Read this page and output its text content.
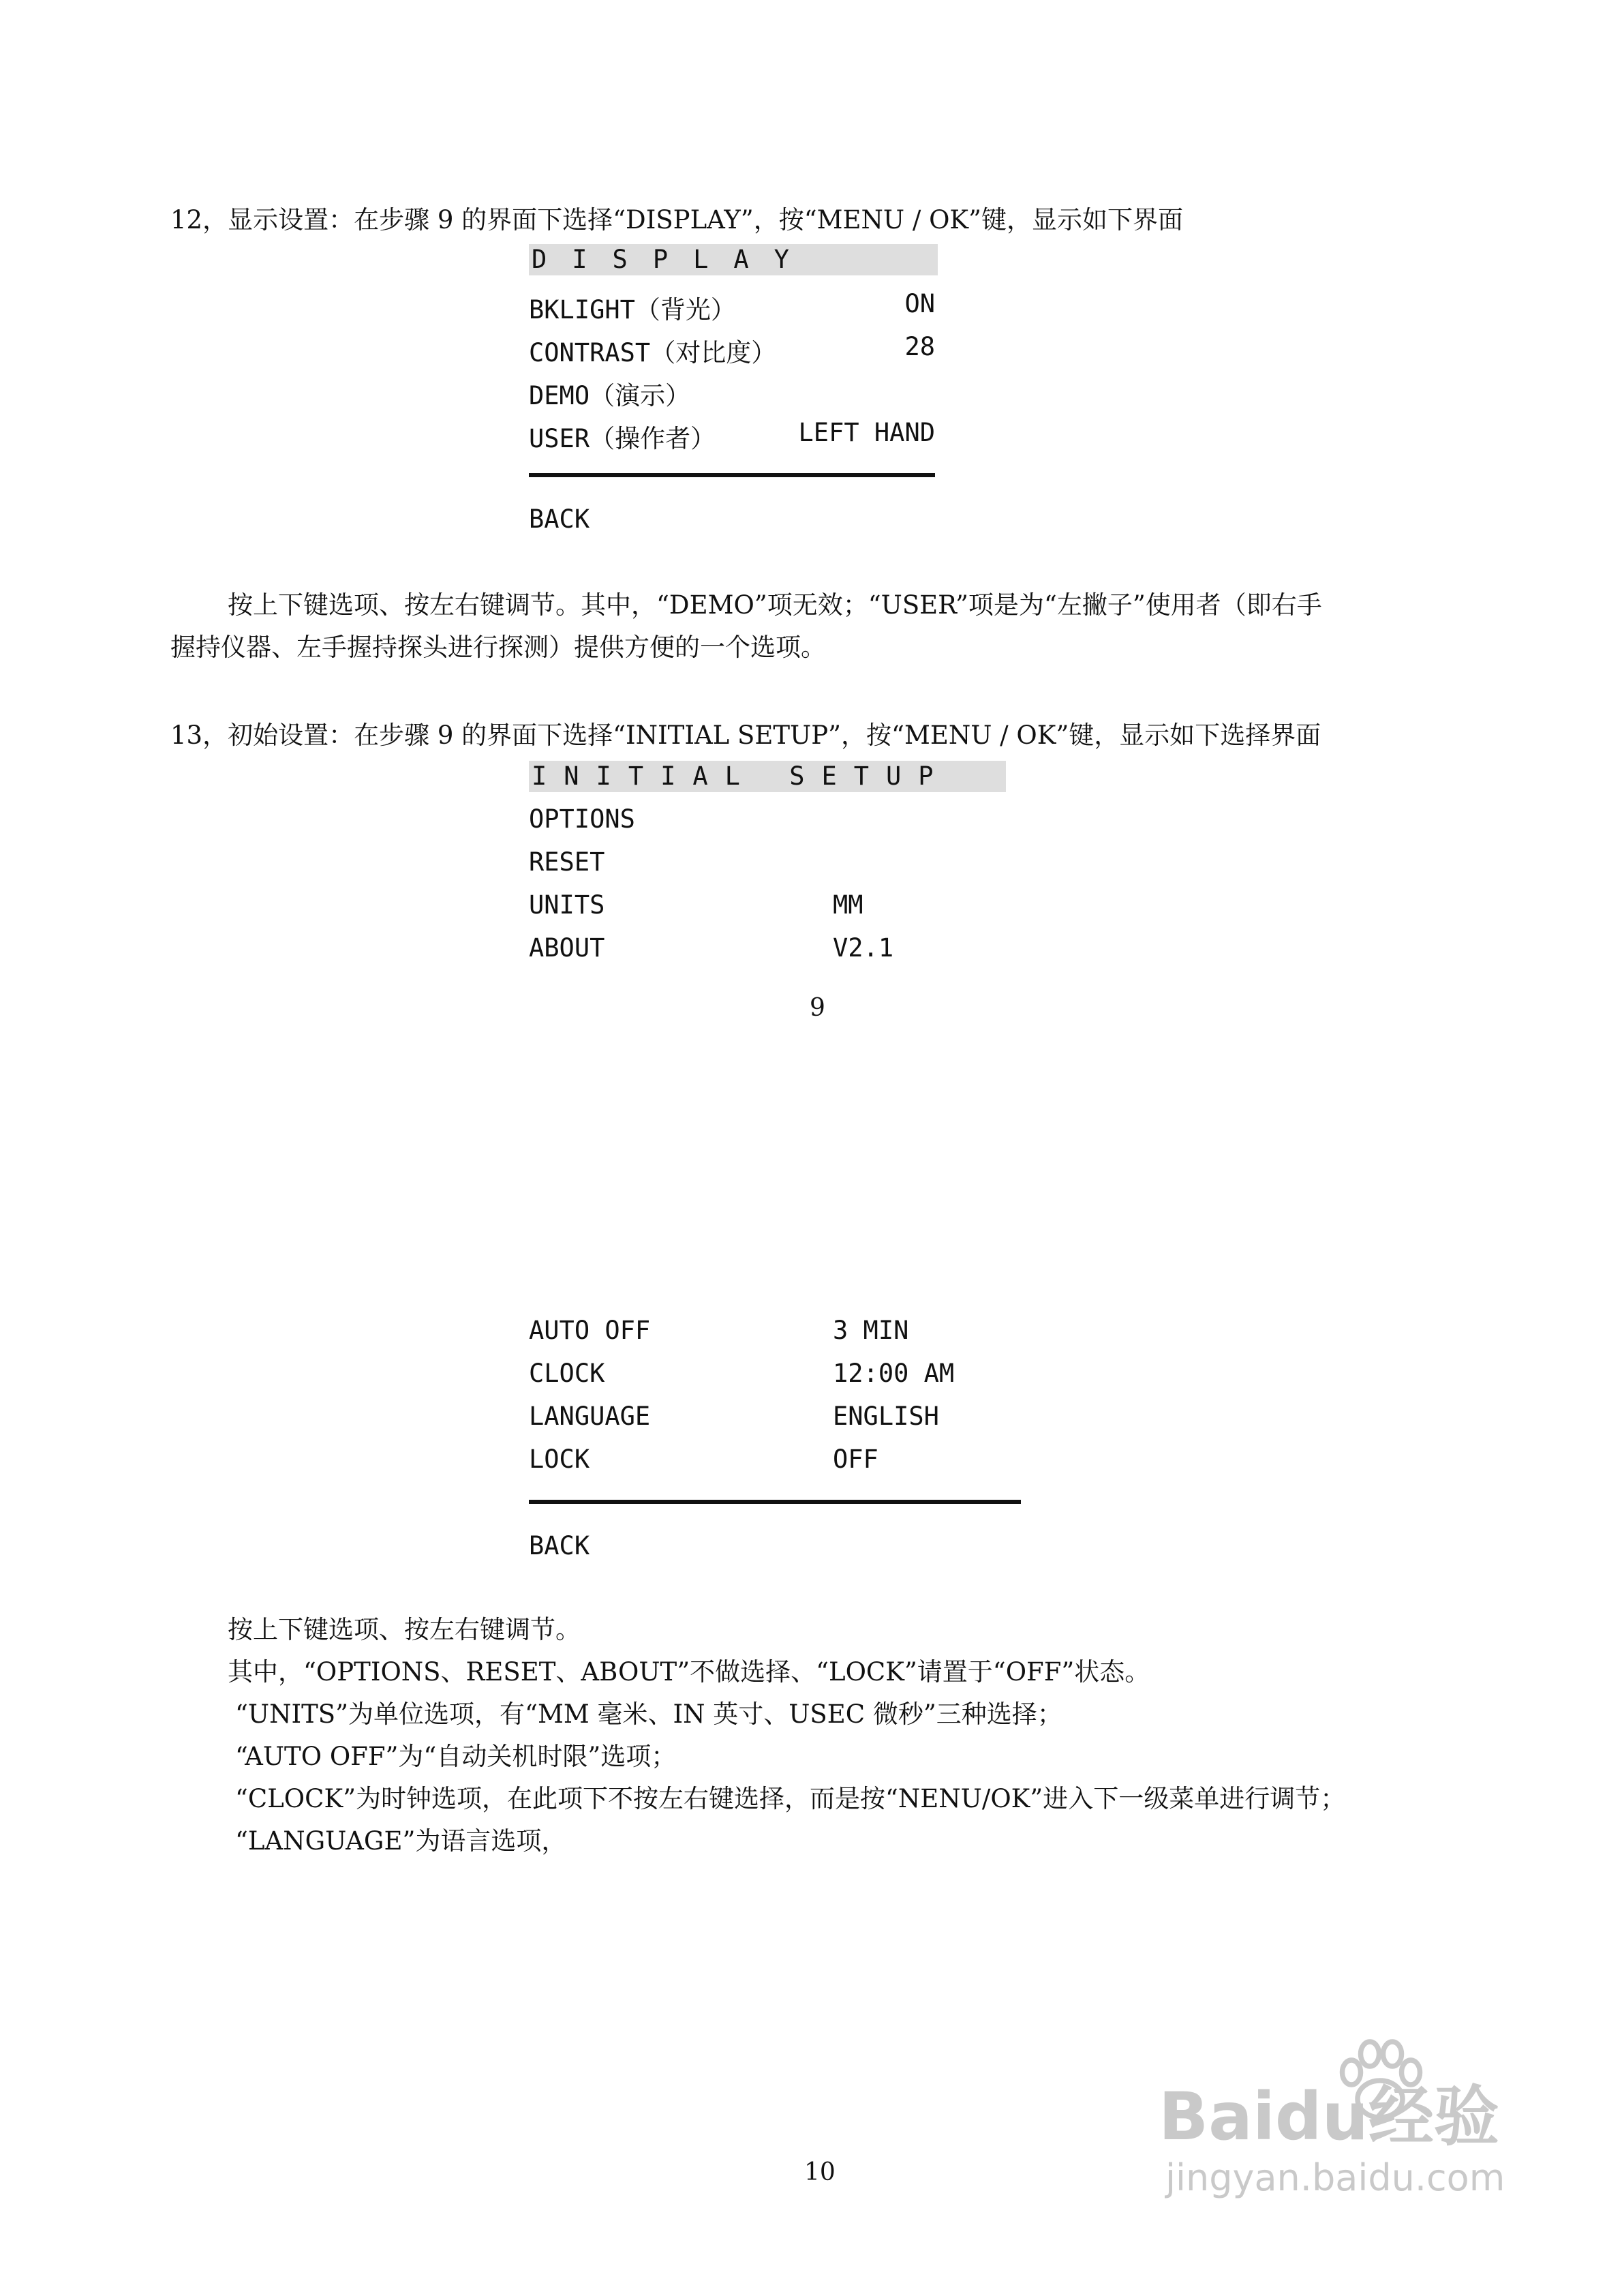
12，显示设置：在步骤 9 的界面下选择“DISPLAY”，按“MENU / OK”键，显示如下界面
DISPLAY
BKLIGHT（背光）	ON
CONTRAST（对比度）	28
DEMO（演示）
USER（操作者）	LEFT HAND
BACK
按上下键选项、按左右键调节。其中，“DEMO”项无效；“USER”项是为“左撇子”使用者（即右手
握持仪器、左手握持探头进行探测）提供方便的一个选项。
13，初始设置：在步骤 9 的界面下选择“INITIAL SETUP”，按“MENU / OK”键，显示如下选择界面
INITIAL SETUP
OPTIONS
RESET
UNITS	MM
ABOUT	V2.1
9
AUTO OFF	3 MIN
CLOCK	12:00 AM
LANGUAGE	ENGLISH
LOCK	OFF
BACK
按上下键选项、按左右键调节。
其中，“OPTIONS、RESET、ABOUT”不做选择、“LOCK”请置于“OFF”状态。
“UNITS”为单位选项，有“MM 毫米、IN 英寸、USEC 微秒”三种选择；
“AUTO OFF”为“自动关机时限”选项；
“CLOCK”为时钟选项，在此项下不按左右键选择，而是按“NENU/OK”进入下一级菜单进行调节；
“LANGUAGE”为语言选项，
10
Baidu经验
jingyan.baidu.com
